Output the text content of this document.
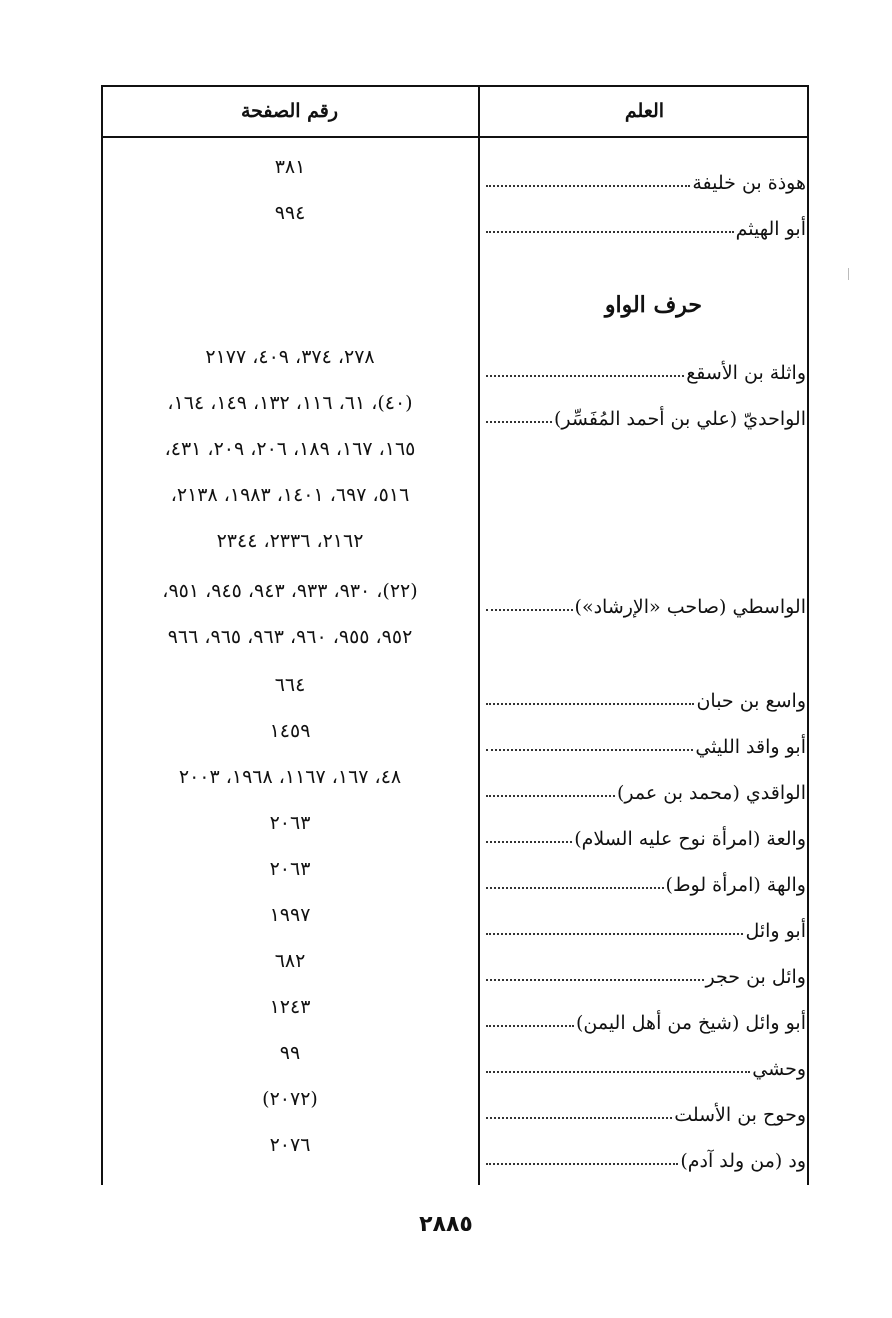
العلم
رقم الصفحة
هوذة بن خليفة
٣٨١
أبو الهيثم
٩٩٤
حرف الواو
واثلة بن الأسقع
٢٧٨، ٣٧٤، ٤٠٩، ٢١٧٧
الواحديّ (علي بن أحمد المُفَسِّر)
(٤٠)، ٦١، ١١٦، ١٣٢، ١٤٩، ١٦٤،
١٦٥، ١٦٧، ١٨٩، ٢٠٦، ٢٠٩، ٤٣١،
٥١٦، ٦٩٧، ١٤٠١، ١٩٨٣، ٢١٣٨،
٢١٦٢، ٢٣٣٦، ٢٣٤٤
الواسطي (صاحب «الإرشاد»)
(٢٢)، ٩٣٠، ٩٣٣، ٩٤٣، ٩٤٥، ٩٥١،
٩٥٢، ٩٥٥، ٩٦٠، ٩٦٣، ٩٦٥، ٩٦٦
واسع بن حبان
٦٦٤
أبو واقد الليثي
١٤٥٩
الواقدي (محمد بن عمر)
٤٨، ١٦٧، ١١٦٧، ١٩٦٨، ٢٠٠٣
والعة (امرأة نوح عليه السلام)
٢٠٦٣
والهة (امرأة لوط)
٢٠٦٣
أبو وائل
١٩٩٧
وائل بن حجر
٦٨٢
أبو وائل (شيخ من أهل اليمن)
١٢٤٣
وحشي
٩٩
وحوح بن الأسلت
(٢٠٧٢)
ود (من ولد آدم)
٢٠٧٦
٢٨٨٥
